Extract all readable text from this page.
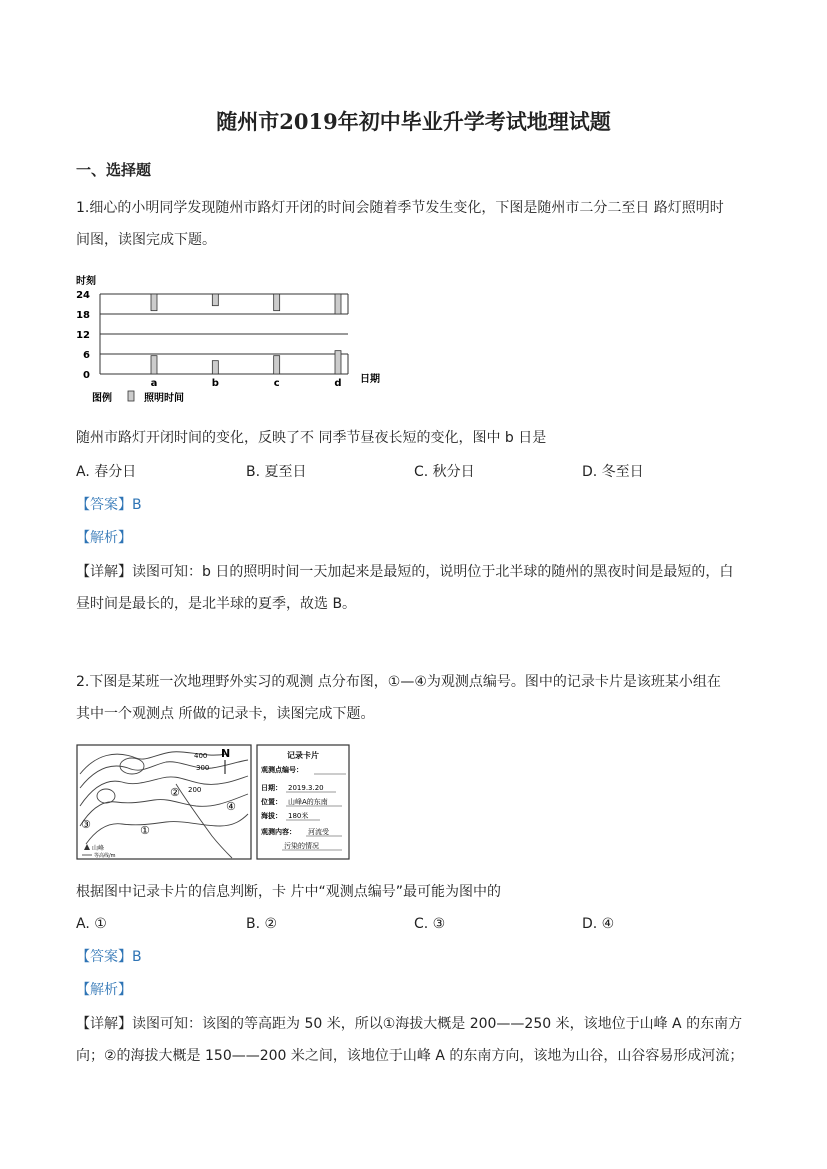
随州市2019年初中毕业升学考试地理试题
一、选择题
1.细心的小明同学发现随州市路灯开闭的时间会随着季节发生变化，下图是随州市二分二至日 路灯照明时
间图，读图完成下题。
时刻
0
6
12
18
24
a	b	c	d 日期
图例	照明时间
随州市路灯开闭时间的变化，反映了不 同季节昼夜长短的变化，图中 b 日是
A. 春分日	B. 夏至日	C. 秋分日	D. 冬至日
【答案】B
【解析】
【详解】读图可知：b 日的照明时间一天加起来是最短的，说明位于北半球的随州的黑夜时间是最短的，白
昼时间是最长的，是北半球的夏季，故选 B。
2.下图是某班一次地理野外实习的观测 点分布图，①—④为观测点编号。图中的记录卡片是该班某小组在
其中一个观测点 所做的记录卡，读图完成下题。
N
400
300
200
①
②
③
④
山峰
等高线/m
记录卡片
观测点编号：
日期： 2019.3.20
位置： 山峰A的东南
海拔： 180米
观测内容： 河流受
污染的情况
根据图中记录卡片的信息判断，卡 片中“观测点编号”最可能为图中的
A. ①	B. ②	C. ③	D. ④
【答案】B
【解析】
【详解】读图可知：该图的等高距为 50 米，所以①海拔大概是 200——250 米，该地位于山峰 A 的东南方
向；②的海拔大概是 150——200 米之间，该地位于山峰 A 的东南方向，该地为山谷，山谷容易形成河流；
